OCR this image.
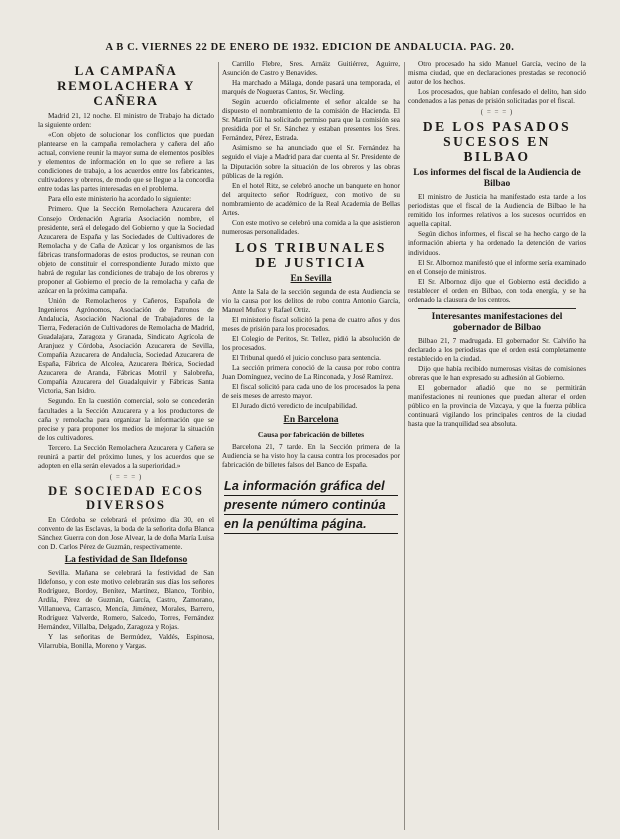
A B C. VIERNES 22 DE ENERO DE 1932. EDICION DE ANDALUCIA. PAG. 20.
LA CAMPAÑA REMOLACHERA Y CAÑERA

Madrid 21, 12 noche. El ministro de Trabajo ha dictado la siguiente orden:

«Con objeto de solucionar los conflictos que puedan plantearse en la campaña remolachera y cañera del año actual, conviene reunir la mayor suma de elementos posibles y elementos de información en lo que se refiere a las condiciones de trabajo, a los acuerdos entre los fabricantes, cultivadores y obreros, de modo que se llegue a la concordia entre todas las partes interesadas en el problema.

Para ello este ministerio ha acordado lo siguiente:

Primero. Que la Sección Remolachera Azucarera del Consejo Ordenación Agraria Asociación nombre, el presidente, será el delegado del Gobierno y que la Sociedad Azucarera de España y las Sociedades de Cultivadores de Remolacha y de Caña de Azúcar y los organismos de las fábricas transformadoras de estos productos, se reunan con objeto de constituir el correspondiente Jurado mixto que habrá de regular las condiciones de trabajo de los obreros y proponer al Gobierno el precio de la remolacha y caña de azúcar en la próxima campaña.

Unión de Remolacheros y Cañeros, Española de Ingenieros Agrónomos, Asociación de Patronos de Andalucía, Asociación Nacional de Trabajadores de la Tierra, Federación de Cultivadores de Remolacha de Madrid, Guadalajara, Zaragoza y Granada, Sindicato Agrícola de Aranjuez y Córdoba, Asociación Azucarera de Sevilla, Compañía Azucarera de Andalucía, Sociedad Azucarera de España, Fábrica de Alcolea, Azucarera Ibérica, Sociedad Azucarera de Aranda, Fábricas Motril y Salobreña, Compañía Azucarera del Guadalquivir y Fábricas Santa Victoria, San Isidro.

Segundo. En la cuestión comercial, solo se concederán facultades a la Sección Azucarera y a los productores de caña y remolacha para organizar la información que se precise y para proponer los medios de mejorar la situación de los cultivadores.

Tercero. La Sección Remolachera Azucarera y Cañera se reunirá a partir del próximo lunes, y los acuerdos que se adopten en ella serán elevados a la superioridad.»

( = = = )
DE SOCIEDAD ECOS DIVERSOS

En Córdoba se celebrará el próximo día 30, en el convento de las Esclavas, la boda de la señorita doña Blanca Sánchez Guerra con don Jose Alvear, la de doña María Luisa con D. Carlos Pérez de Guzmán, respectivamente.

La festividad de San Ildefonso

Sevilla. Mañana se celebrará la festividad de San Ildefonso, y con este motivo celebrarán sus días los señores Rodríguez, Bordoy, Benítez, Martínez, Blanco, Toribio, Ardila, Pérez de Guzmán, García, Castro, Zamorano, Villanueva, Carrasco, Mencía, Jiménez, Morales, Barrero, Rodríguez Valverde, Romero, Salcedo, Torres, Fernández Hernández, Villalba, Delgado, Zaragoza y Rojas.

Y las señoritas de Bermúdez, Valdés, Espinosa, Vilarrubia, Bonilla, Moreno y Vargas.

Carrillo Flebre, Sres. Arnáiz Guitiérrez, Aguirre, Asunción de Castro y Benavides.

Ha marchado a Málaga, donde pasará una temporada, el marqués de Nogueras Cantos, Sr. Wecling.

Según acuerdo oficialmente el señor alcalde se ha dispuesto el nombramiento de la comisión de Hacienda. El Sr. Martín Gil ha solicitado permiso para que la comisión sea presidida por el Sr. Sánchez y estaban presentes los Sres. Fernández, Pérez, Estrada.

Asimismo se ha anunciado que el Sr. Fernández ha seguido el viaje a Madrid para dar cuenta al Sr. Presidente de la Diputación sobre la situación de los obreros y las obras públicas de la región.

En el hotel Ritz, se celebró anoche un banquete en honor del arquitecto señor Rodríguez, con motivo de su nombramiento de académico de la Real Academia de Bellas Artes.

Con este motivo se celebró una comida a la que asistieron numerosas personalidades.

LOS TRIBUNALES DE JUSTICIA
En Sevilla

Ante la Sala de la sección segunda de esta Audiencia se vio la causa por los delitos de robo contra Antonio García, Manuel Muñoz y Rafael Ortiz.

El ministerio fiscal solicitó la pena de cuatro años y dos meses de prisión para los procesados.

El Colegio de Peritos, Sr. Tellez, pidió la absolución de los procesados.

El Tribunal quedó el juicio concluso para sentencia.

La sección primera conoció de la causa por robo contra Juan Domínguez, vecino de La Rinconada, y José Ramírez.

El fiscal solicitó para cada uno de los procesados la pena de seis meses de arresto mayor.

El Jurado dictó veredicto de inculpabilidad.

En Barcelona
Causa por fabricación de billetes

Barcelona 21, 7 tarde. En la Sección primera de la Audiencia se ha visto hoy la causa contra los procesados por fabricación de billetes falsos del Banco de España.

La información gráfica del
presente número continúa
en la penúltima página.

Otro procesado ha sido Manuel García, vecino de la misma ciudad, que en declaraciones prestadas se reconoció autor de los hechos.

Los procesados, que habían confesado el delito, han sido condenados a las penas de prisión solicitadas por el fiscal.

( = = = )
DE LOS PASADOS SUCESOS EN BILBAO
Los informes del fiscal de la Audiencia de Bilbao

El ministro de Justicia ha manifestado esta tarde a los periodistas que el fiscal de la Audiencia de Bilbao le ha remitido los informes relativos a los sucesos ocurridos en aquella capital.

Según dichos informes, el fiscal se ha hecho cargo de la información abierta y ha ordenado la detención de varios individuos.

El Sr. Albornoz manifestó que el informe sería examinado en el Consejo de ministros.

El Sr. Albornoz dijo que el Gobierno está decidido a restablecer el orden en Bilbao, con toda energía, y se ha ordenado la clausura de los centros.

Interesantes manifestaciones del gobernador de Bilbao

Bilbao 21, 7 madrugada. El gobernador Sr. Calviño ha declarado a los periodistas que el orden está completamente restablecido en la ciudad.

Dijo que había recibido numerosas visitas de comisiones obreras que le han expresado su adhesión al Gobierno.

El gobernador añadió que no se permitirán manifestaciones ni reuniones que puedan alterar el orden público en la provincia de Vizcaya, y que la fuerza pública continuará vigilando los principales centros de la ciudad hasta que la tranquilidad sea absoluta.
